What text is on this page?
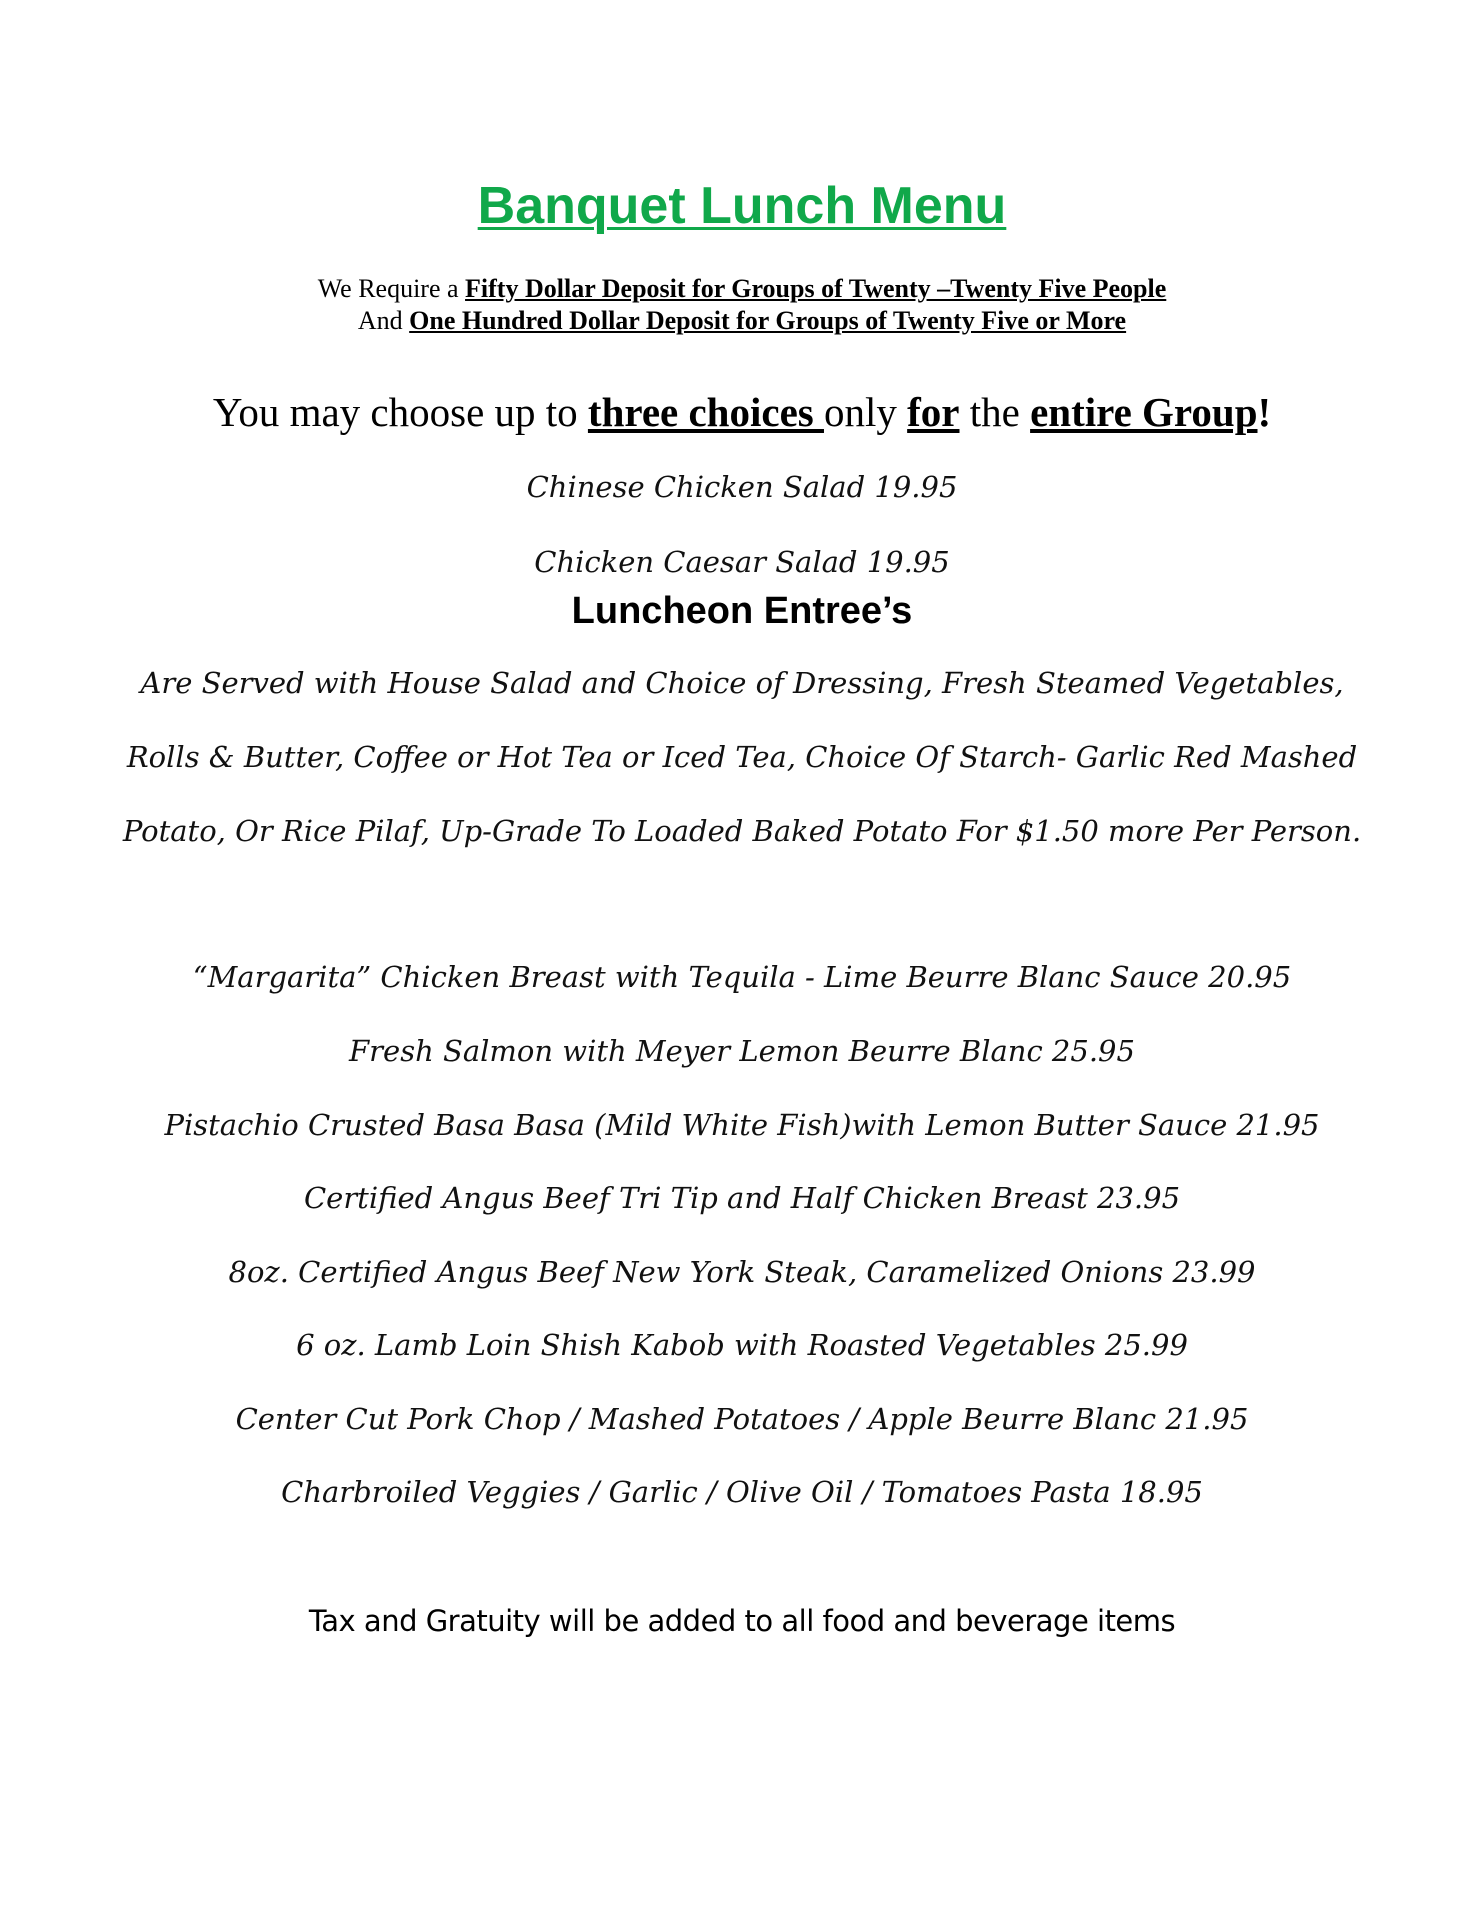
Banquet Lunch Menu
We Require a Fifty Dollar Deposit for Groups of Twenty –Twenty Five People
And One Hundred Dollar Deposit for Groups of Twenty Five or More
You may choose up to three choices only for the entire Group!
Chinese Chicken Salad 19.95
Chicken Caesar Salad 19.95
Luncheon Entree’s
Are Served with House Salad and Choice of Dressing, Fresh Steamed Vegetables,
Rolls & Butter, Coffee or Hot Tea or Iced Tea, Choice Of Starch- Garlic Red Mashed
Potato, Or Rice Pilaf, Up-Grade To Loaded Baked Potato For $1.50 more Per Person.
“Margarita” Chicken Breast with Tequila - Lime Beurre Blanc Sauce 20.95
Fresh Salmon with Meyer Lemon Beurre Blanc 25.95
Pistachio Crusted Basa Basa (Mild White Fish)with Lemon Butter Sauce 21.95
Certified Angus Beef Tri Tip and Half Chicken Breast 23.95
8oz. Certified Angus Beef New York Steak, Caramelized Onions 23.99
6 oz. Lamb Loin Shish Kabob with Roasted Vegetables 25.99
Center Cut Pork Chop / Mashed Potatoes / Apple Beurre Blanc 21.95
Charbroiled Veggies / Garlic / Olive Oil / Tomatoes Pasta 18.95
Tax and Gratuity will be added to all food and beverage items
